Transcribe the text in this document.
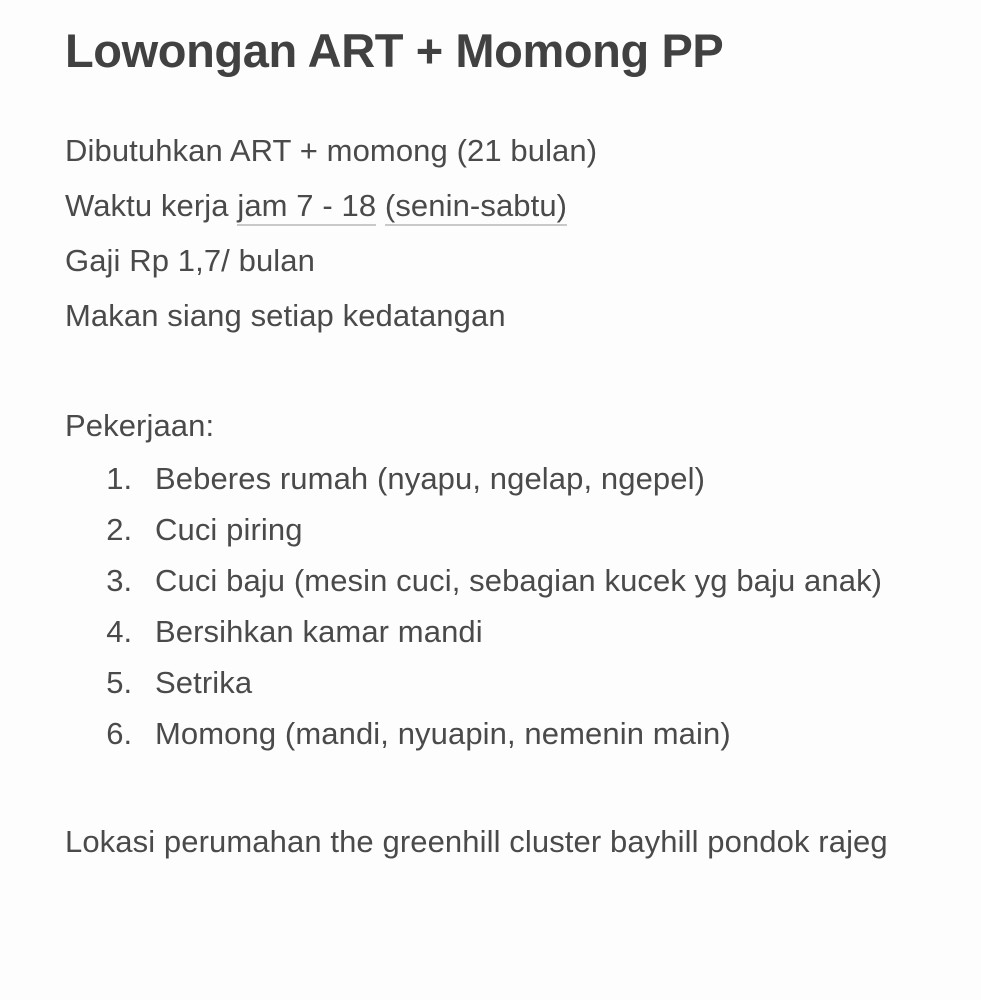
Lowongan ART + Momong PP
Dibutuhkan ART + momong (21 bulan)
Waktu kerja jam 7 - 18 (senin-sabtu)
Gaji Rp 1,7/ bulan
Makan siang setiap kedatangan
Pekerjaan:
1. Beberes rumah (nyapu, ngelap, ngepel)
2. Cuci piring
3. Cuci baju (mesin cuci, sebagian kucek yg baju anak)
4. Bersihkan kamar mandi
5. Setrika
6. Momong (mandi, nyuapin, nemenin main)
Lokasi perumahan the greenhill cluster bayhill pondok rajeg
